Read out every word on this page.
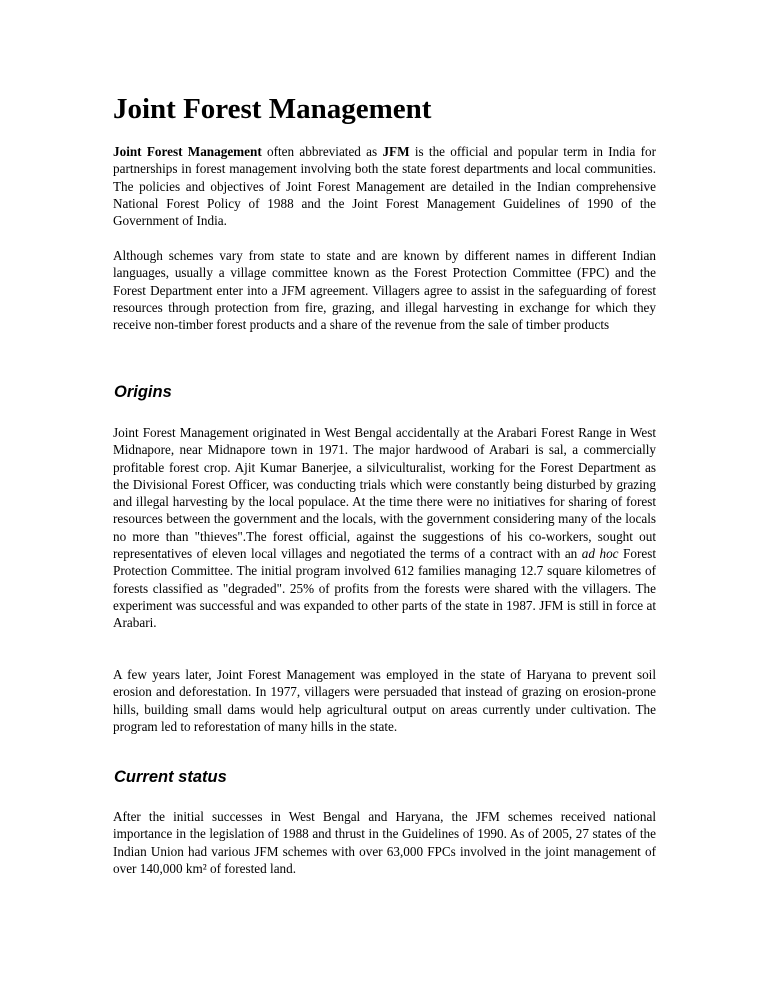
Joint Forest Management

Joint Forest Management often abbreviated as JFM is the official and popular term in India for partnerships in forest management involving both the state forest departments and local communities. The policies and objectives of Joint Forest Management are detailed in the Indian comprehensive National Forest Policy of 1988 and the Joint Forest Management Guidelines of 1990 of the Government of India.

Although schemes vary from state to state and are known by different names in different Indian languages, usually a village committee known as the Forest Protection Committee (FPC) and the Forest Department enter into a JFM agreement. Villagers agree to assist in the safeguarding of forest resources through protection from fire, grazing, and illegal harvesting in exchange for which they receive non-timber forest products and a share of the revenue from the sale of timber products

Origins

Joint Forest Management originated in West Bengal accidentally at the Arabari Forest Range in West Midnapore, near Midnapore town in 1971. The major hardwood of Arabari is sal, a commercially profitable forest crop. Ajit Kumar Banerjee, a silviculturalist, working for the Forest Department as the Divisional Forest Officer, was conducting trials which were constantly being disturbed by grazing and illegal harvesting by the local populace. At the time there were no initiatives for sharing of forest resources between the government and the locals, with the government considering many of the locals no more than "thieves".The forest official, against the suggestions of his co-workers, sought out representatives of eleven local villages and negotiated the terms of a contract with an ad hoc Forest Protection Committee. The initial program involved 612 families managing 12.7 square kilometres of forests classified as "degraded". 25% of profits from the forests were shared with the villagers. The experiment was successful and was expanded to other parts of the state in 1987. JFM is still in force at Arabari.

A few years later, Joint Forest Management was employed in the state of Haryana to prevent soil erosion and deforestation. In 1977, villagers were persuaded that instead of grazing on erosion-prone hills, building small dams would help agricultural output on areas currently under cultivation. The program led to reforestation of many hills in the state.

Current status

After the initial successes in West Bengal and Haryana, the JFM schemes received national importance in the legislation of 1988 and thrust in the Guidelines of 1990. As of 2005, 27 states of the Indian Union had various JFM schemes with over 63,000 FPCs involved in the joint management of over 140,000 km² of forested land.
